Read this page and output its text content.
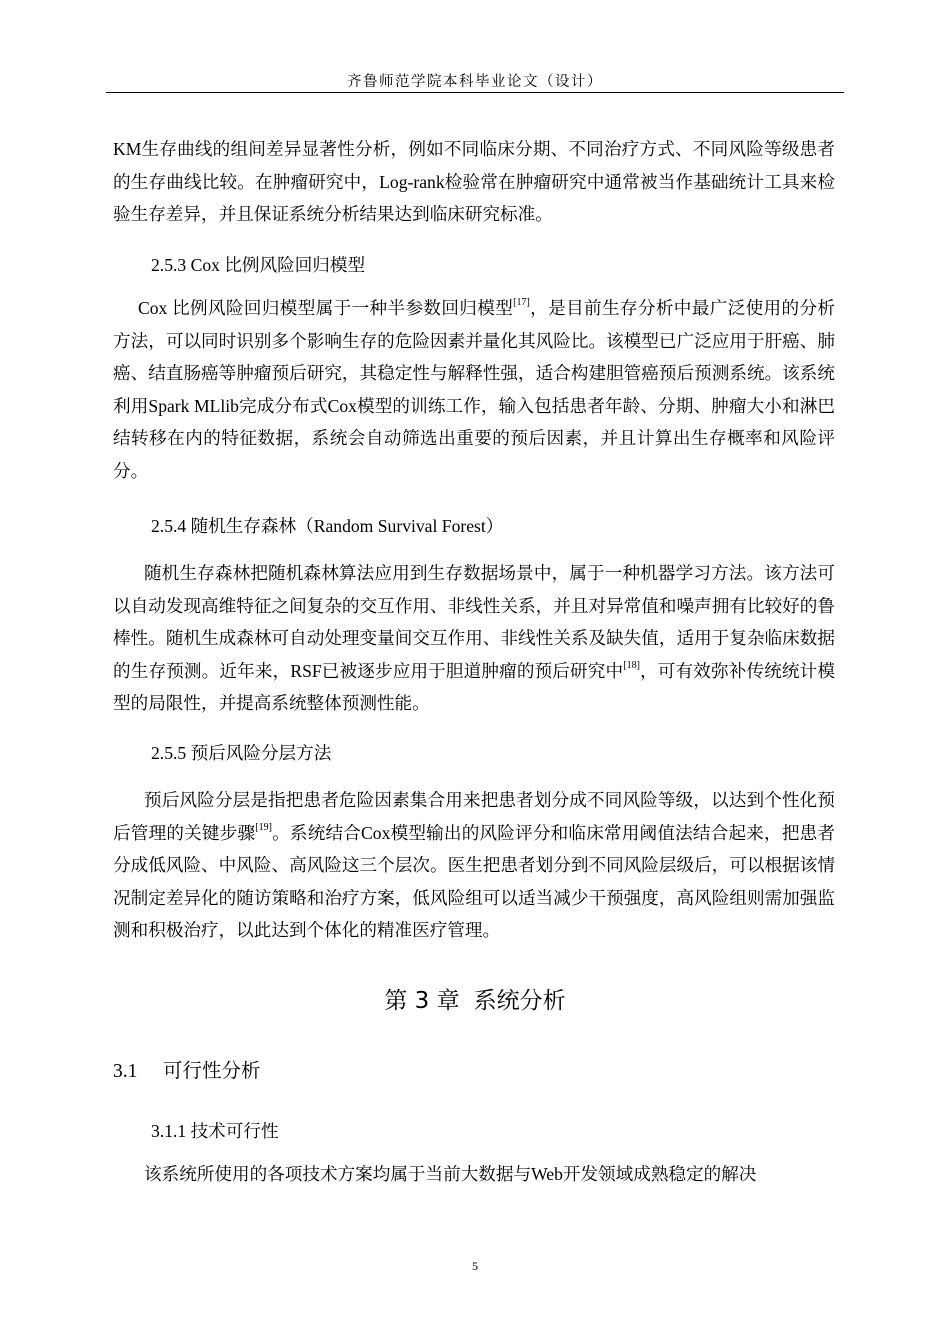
齐鲁师范学院本科毕业论文（设计）
KM生存曲线的组间差异显著性分析，例如不同临床分期、不同治疗方式、不同风险等级患者的生存曲线比较。在肿瘤研究中，Log-rank检验常在肿瘤研究中通常被当作基础统计工具来检验生存差异，并且保证系统分析结果达到临床研究标准。
2.5.3 Cox 比例风险回归模型
Cox 比例风险回归模型属于一种半参数回归模型[17]，是目前生存分析中最广泛使用的分析方法，可以同时识别多个影响生存的危险因素并量化其风险比。该模型已广泛应用于肝癌、肺癌、结直肠癌等肿瘤预后研究，其稳定性与解释性强，适合构建胆管癌预后预测系统。该系统利用Spark MLlib完成分布式Cox模型的训练工作，输入包括患者年龄、分期、肿瘤大小和淋巴结转移在内的特征数据，系统会自动筛选出重要的预后因素，并且计算出生存概率和风险评分。
2.5.4 随机生存森林（Random Survival Forest）
随机生存森林把随机森林算法应用到生存数据场景中，属于一种机器学习方法。该方法可以自动发现高维特征之间复杂的交互作用、非线性关系，并且对异常值和噪声拥有比较好的鲁棒性。随机生成森林可自动处理变量间交互作用、非线性关系及缺失值，适用于复杂临床数据的生存预测。近年来，RSF已被逐步应用于胆道肿瘤的预后研究中[18]，可有效弥补传统统计模型的局限性，并提高系统整体预测性能。
2.5.5 预后风险分层方法
预后风险分层是指把患者危险因素集合用来把患者划分成不同风险等级，以达到个性化预后管理的关键步骤[19]。系统结合Cox模型输出的风险评分和临床常用阈值法结合起来，把患者分成低风险、中风险、高风险这三个层次。医生把患者划分到不同风险层级后，可以根据该情况制定差异化的随访策略和治疗方案，低风险组可以适当减少干预强度，高风险组则需加强监测和积极治疗，以此达到个体化的精准医疗管理。
第 3 章 系统分析
3.1 可行性分析
3.1.1 技术可行性
该系统所使用的各项技术方案均属于当前大数据与Web开发领域成熟稳定的解决
5
